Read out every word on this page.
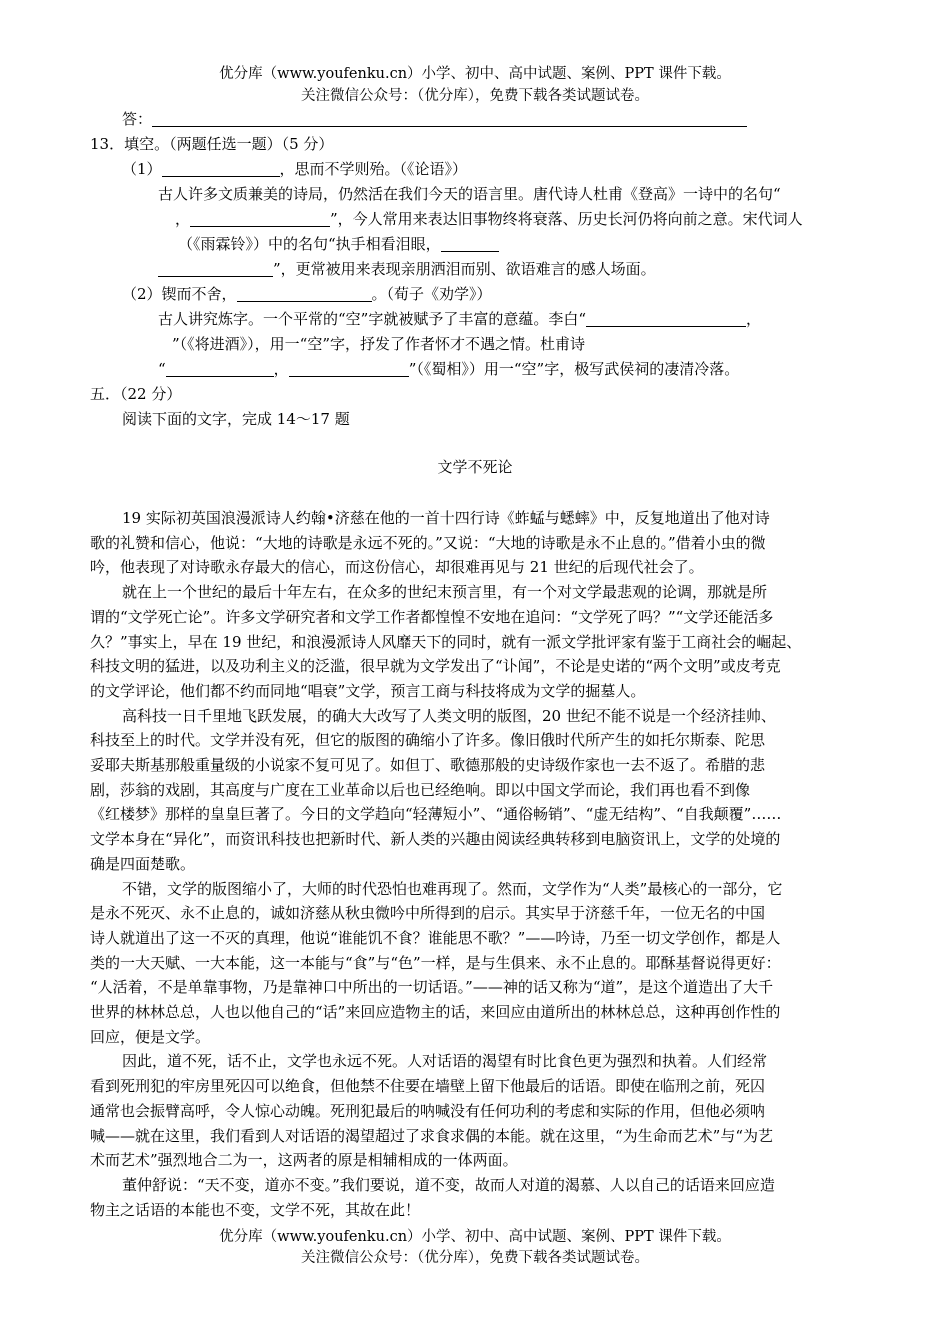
优分库（www.youfenku.cn）小学、初中、高中试题、案例、PPT 课件下载。
关注微信公众号：（优分库），免费下载各类试题试卷。
答：
13．填空。（两题任选一题）（5 分）
（1）	，思而不学则殆。（《论语》）
古人许多文质兼美的诗局，仍然活在我们今天的语言里。唐代诗人杜甫《登高》一诗中的名句“
，	”，今人常用来表达旧事物终将衰落、历史长河仍将向前之意。宋代词人
（《雨霖铃》）中的名句“执手相看泪眼，
”，更常被用来表现亲朋洒泪而别、欲语难言的感人场面。
（2）锲而不舍，	。（荀子《劝学》）
古人讲究炼字。一个平常的“空”字就被赋予了丰富的意蕴。李白“	，
”（《将进酒》），用一“空”字，抒发了作者怀才不遇之情。杜甫诗
“	，	”（《蜀相》）用一“空”字，极写武侯祠的凄清冷落。
五．（22 分）
阅读下面的文字，完成 14～17 题
文学不死论
19 实际初英国浪漫派诗人约翰•济慈在他的一首十四行诗《蚱蜢与蟋蟀》中，反复地道出了他对诗
歌的礼赞和信心，他说：“大地的诗歌是永远不死的。”又说：“大地的诗歌是永不止息的。”借着小虫的微
吟，他表现了对诗歌永存最大的信心，而这份信心，却很难再见与 21 世纪的后现代社会了。
就在上一个世纪的最后十年左右，在众多的世纪末预言里，有一个对文学最悲观的论调，那就是所
谓的“文学死亡论”。许多文学研究者和文学工作者都惶惶不安地在追问：“文学死了吗？”“文学还能活多
久？”事实上，早在 19 世纪，和浪漫派诗人风靡天下的同时，就有一派文学批评家有鉴于工商社会的崛起、
科技文明的猛进，以及功利主义的泛滥，很早就为文学发出了“讣闻”，不论是史诺的“两个文明”或皮考克
的文学评论，他们都不约而同地“唱衰”文学，预言工商与科技将成为文学的掘墓人。
高科技一日千里地飞跃发展，的确大大改写了人类文明的版图，20 世纪不能不说是一个经济挂帅、
科技至上的时代。文学并没有死，但它的版图的确缩小了许多。像旧俄时代所产生的如托尔斯泰、陀思
妥耶夫斯基那般重量级的小说家不复可见了。如但丁、歌德那般的史诗级作家也一去不返了。希腊的悲
剧，莎翁的戏剧，其高度与广度在工业革命以后也已经绝响。即以中国文学而论，我们再也看不到像
《红楼梦》那样的皇皇巨著了。今日的文学趋向“轻薄短小”、“通俗畅销”、“虚无结构”、“自我颠覆”……
文学本身在“异化”，而资讯科技也把新时代、新人类的兴趣由阅读经典转移到电脑资讯上，文学的处境的
确是四面楚歌。
不错，文学的版图缩小了，大师的时代恐怕也难再现了。然而，文学作为“人类”最核心的一部分，它
是永不死灭、永不止息的，诚如济慈从秋虫微吟中所得到的启示。其实早于济慈千年，一位无名的中国
诗人就道出了这一不灭的真理，他说“谁能饥不食？谁能思不歌？”——吟诗，乃至一切文学创作，都是人
类的一大天赋、一大本能，这一本能与“食”与“色”一样，是与生俱来、永不止息的。耶酥基督说得更好：
“人活着，不是单靠事物，乃是靠神口中所出的一切话语。”——神的话又称为“道”，是这个道造出了大千
世界的林林总总，人也以他自己的“话”来回应造物主的话，来回应由道所出的林林总总，这种再创作性的
回应，便是文学。
因此，道不死，话不止，文学也永远不死。人对话语的渴望有时比食色更为强烈和执着。人们经常
看到死刑犯的牢房里死囚可以绝食，但他禁不住要在墙壁上留下他最后的话语。即使在临刑之前，死囚
通常也会振臂高呼，令人惊心动魄。死刑犯最后的呐喊没有任何功利的考虑和实际的作用，但他必须呐
喊——就在这里，我们看到人对话语的渴望超过了求食求偶的本能。就在这里，“为生命而艺术”与“为艺
术而艺术”强烈地合二为一，这两者的原是相辅相成的一体两面。
董仲舒说：“天不变，道亦不变。”我们要说，道不变，故而人对道的渴慕、人以自己的话语来回应造
物主之话语的本能也不变，文学不死，其故在此！
优分库（www.youfenku.cn）小学、初中、高中试题、案例、PPT 课件下载。
关注微信公众号：（优分库），免费下载各类试题试卷。
